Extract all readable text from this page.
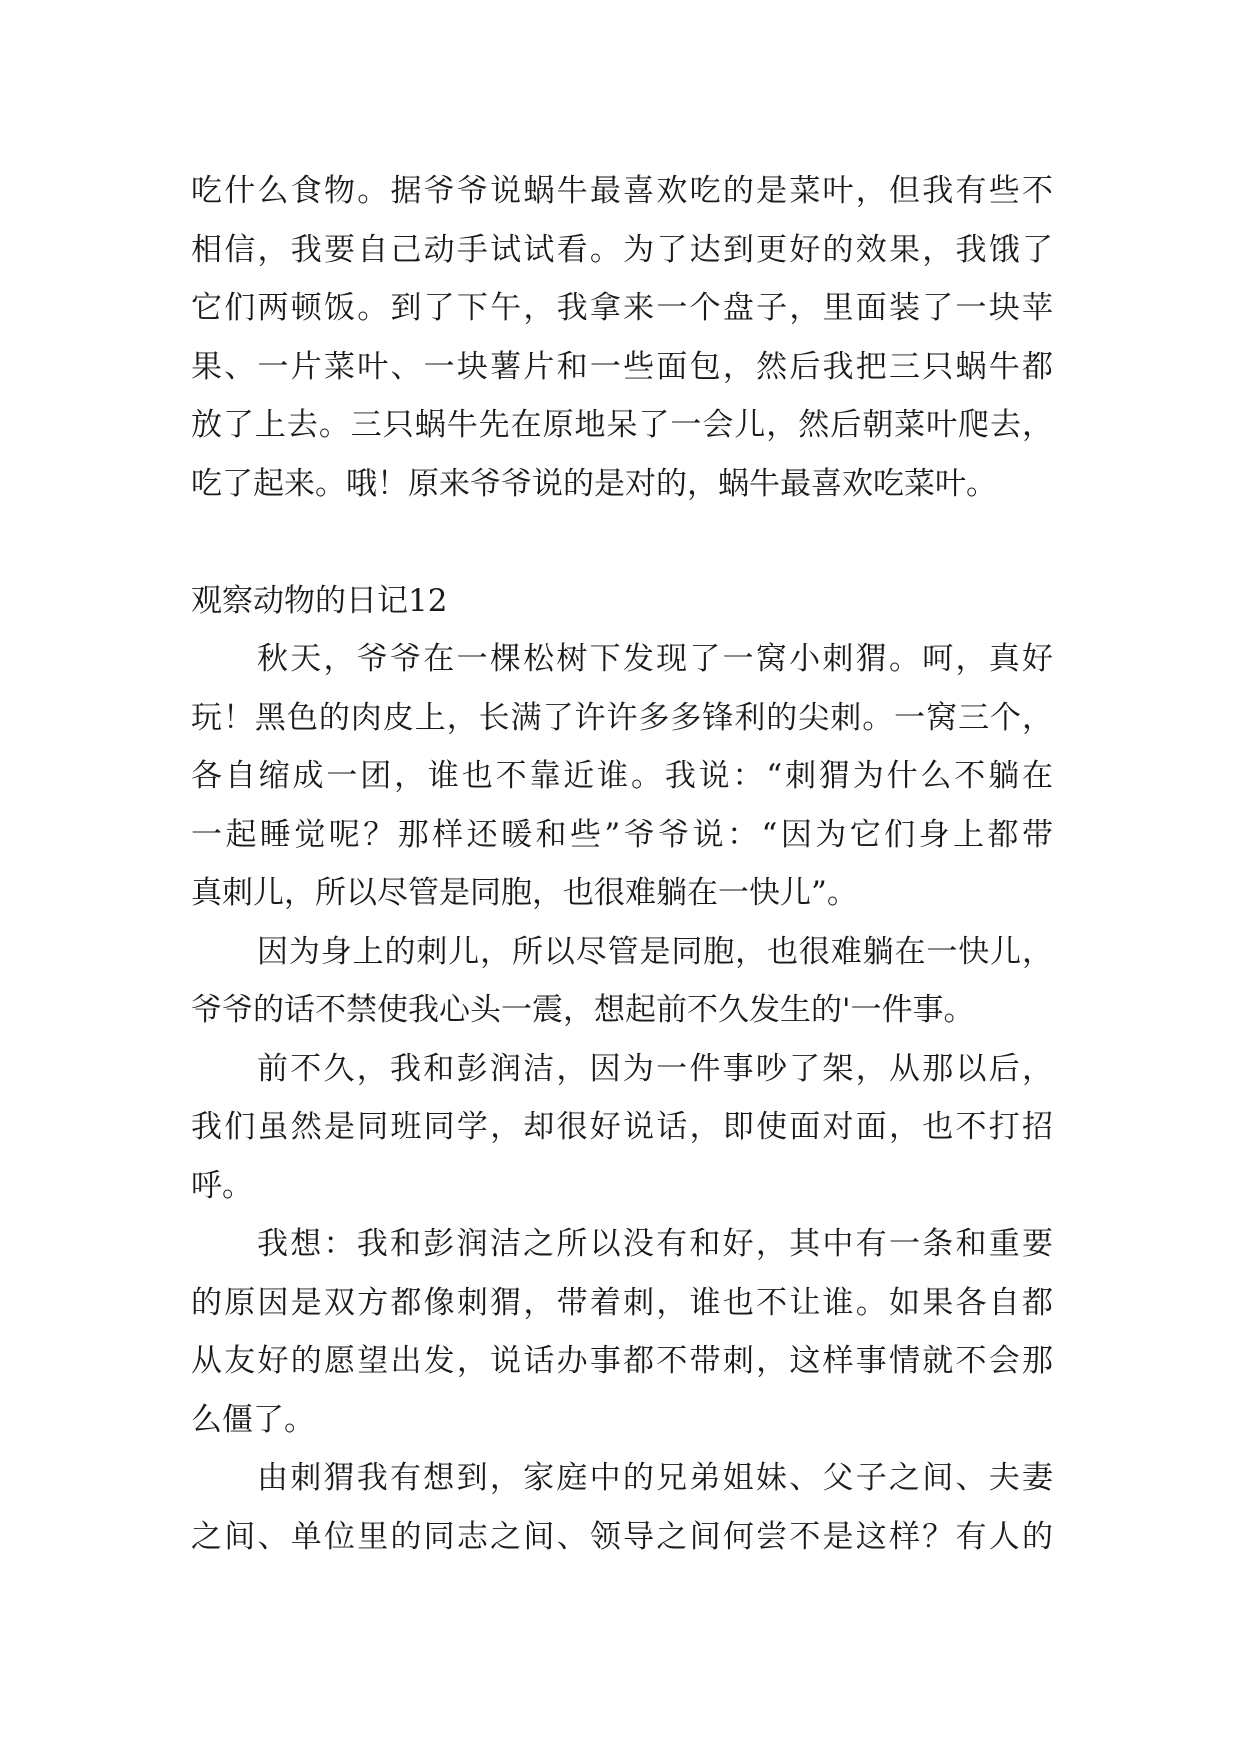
吃什么食物。据爷爷说蜗牛最喜欢吃的是菜叶，但我有些不
相信，我要自己动手试试看。为了达到更好的效果，我饿了
它们两顿饭。到了下午，我拿来一个盘子，里面装了一块苹
果、一片菜叶、一块薯片和一些面包，然后我把三只蜗牛都
放了上去。三只蜗牛先在原地呆了一会儿，然后朝菜叶爬去，
吃了起来。哦！原来爷爷说的是对的，蜗牛最喜欢吃菜叶。
观察动物的日记12
秋天，爷爷在一棵松树下发现了一窝小刺猬。呵，真好
玩！黑色的肉皮上，长满了许许多多锋利的尖刺。一窝三个，
各自缩成一团，谁也不靠近谁。我说：“刺猬为什么不躺在
一起睡觉呢？那样还暖和些”爷爷说：“因为它们身上都带
真刺儿，所以尽管是同胞，也很难躺在一快儿”。
因为身上的刺儿，所以尽管是同胞，也很难躺在一快儿，
爷爷的话不禁使我心头一震，想起前不久发生的'一件事。
前不久，我和彭润洁，因为一件事吵了架，从那以后，
我们虽然是同班同学，却很好说话，即使面对面，也不打招
呼。
我想：我和彭润洁之所以没有和好，其中有一条和重要
的原因是双方都像刺猬，带着刺，谁也不让谁。如果各自都
从友好的愿望出发，说话办事都不带刺，这样事情就不会那
么僵了。
由刺猬我有想到，家庭中的兄弟姐妹、父子之间、夫妻
之间、单位里的同志之间、领导之间何尝不是这样？有人的
